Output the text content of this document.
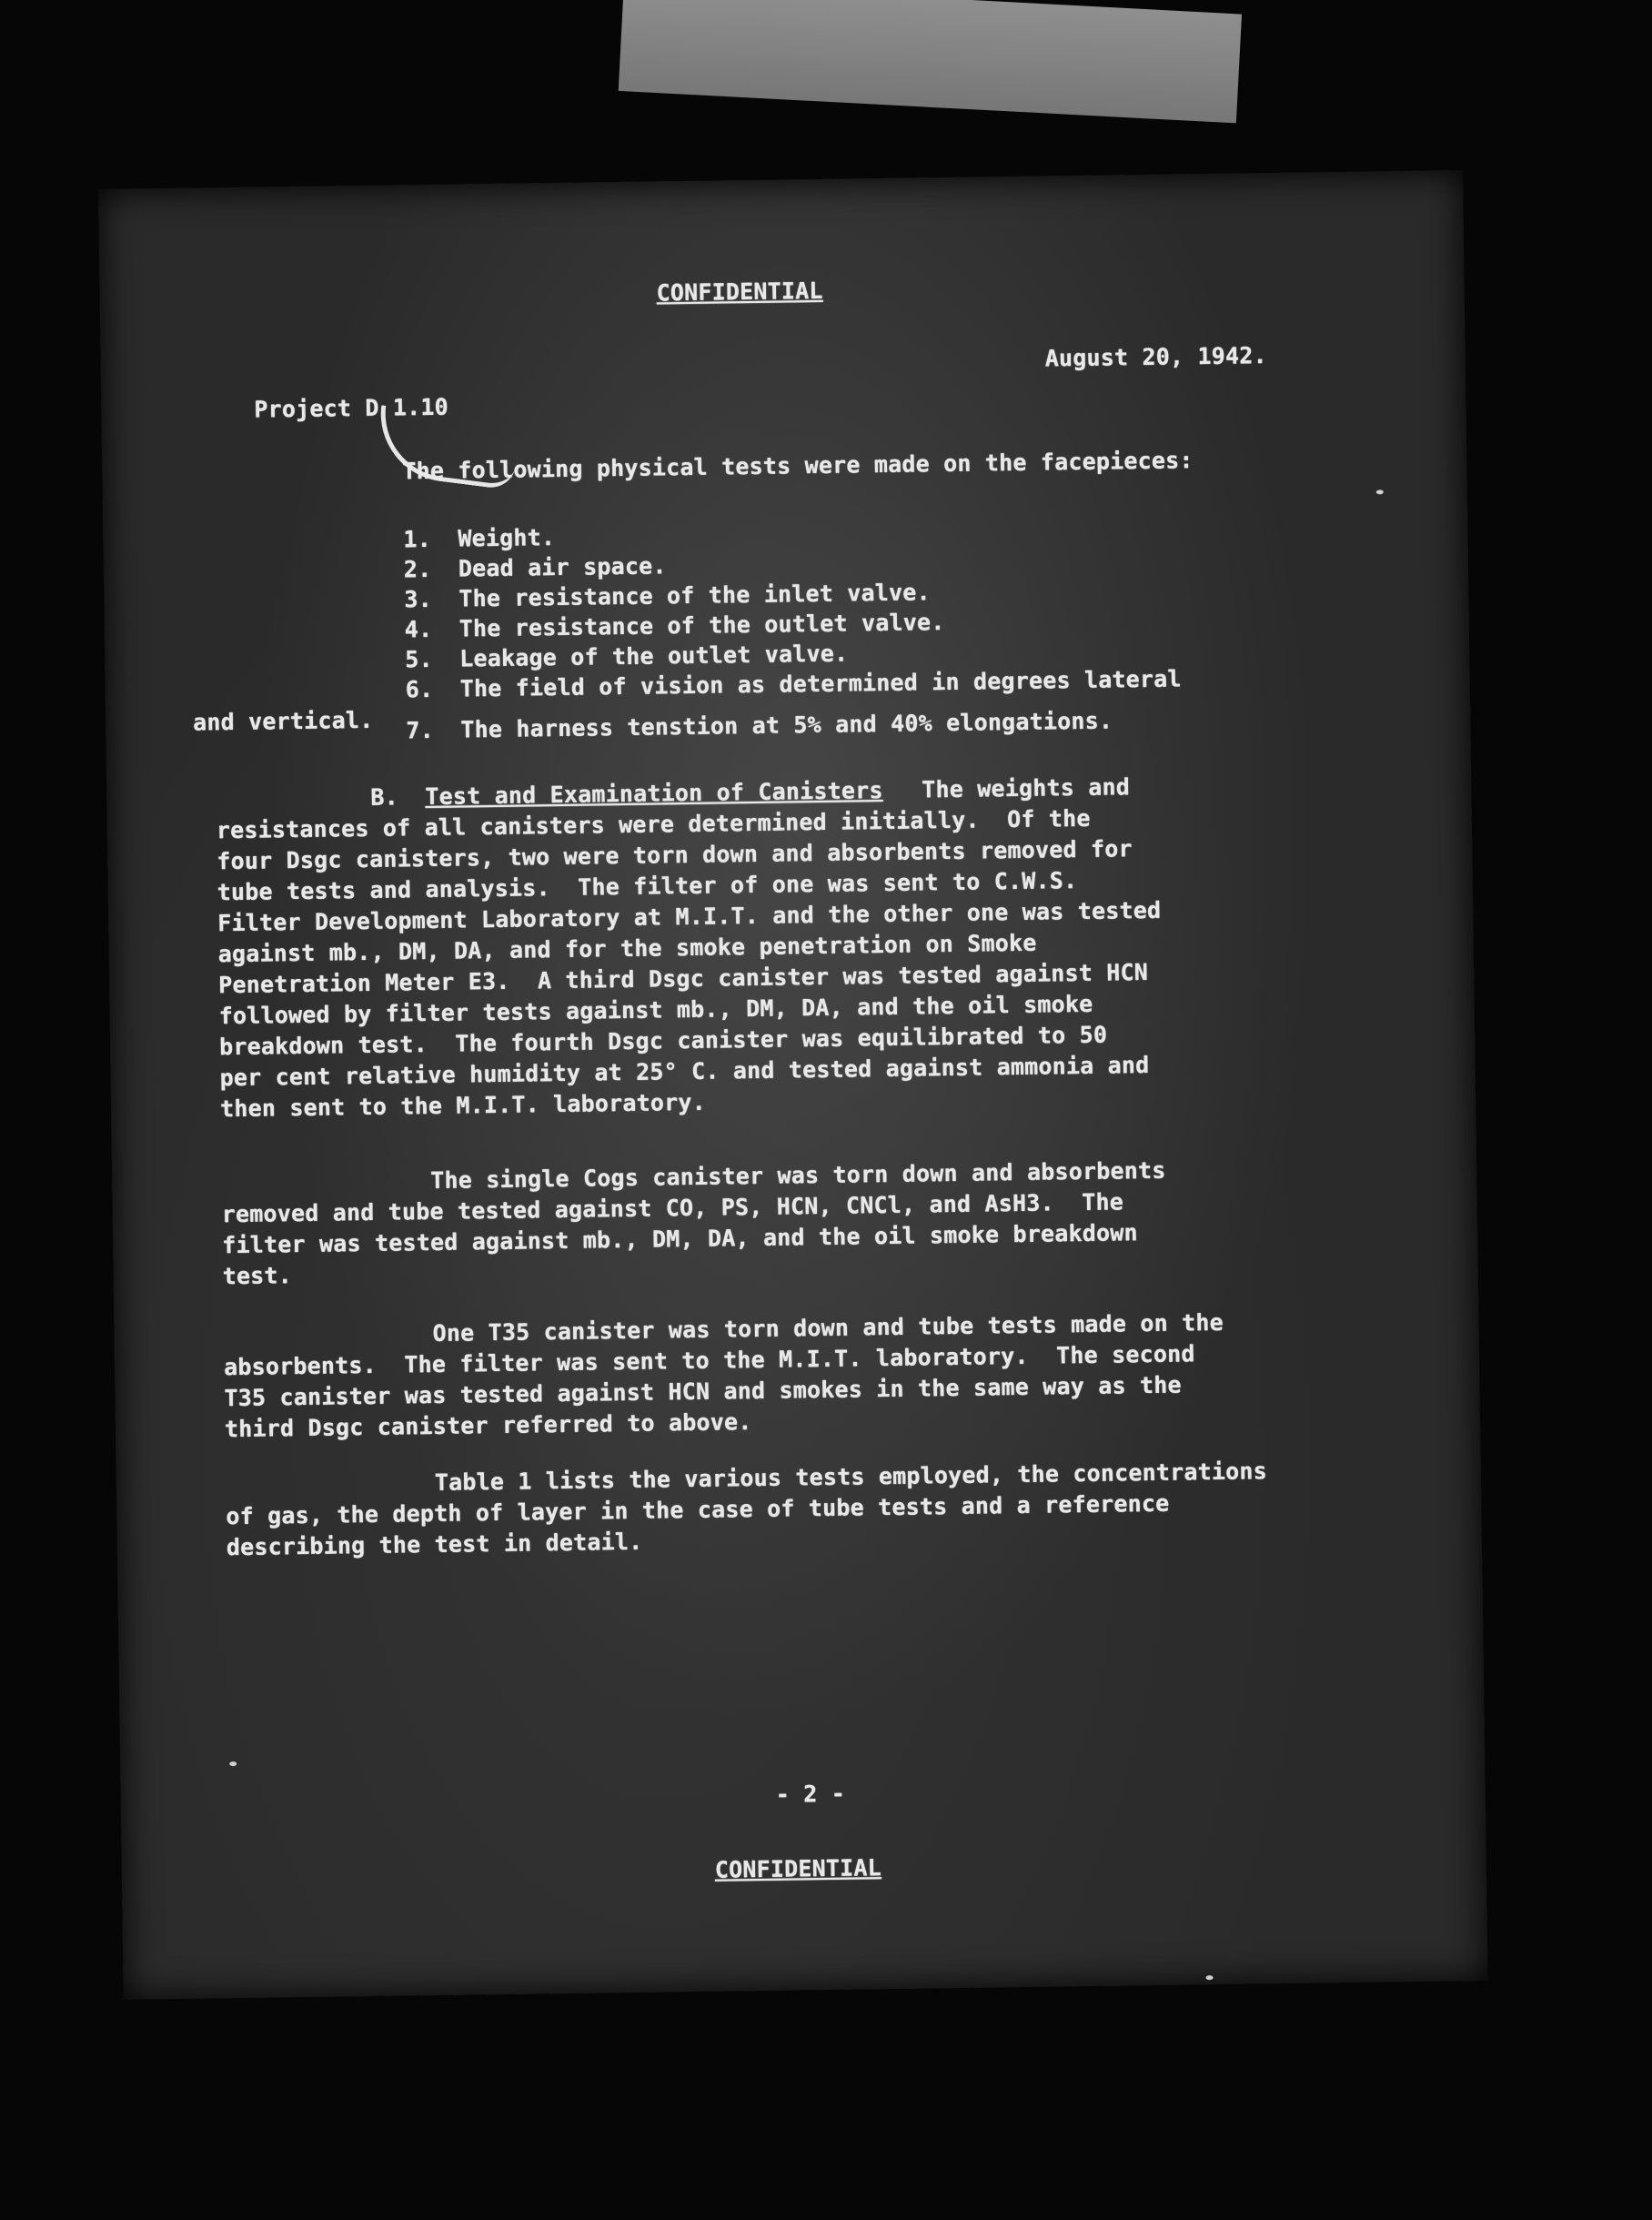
CONFIDENTIAL
Project D 1.10
August 20, 1942.
The following physical tests were made on the facepieces:
1. Weight.
2. Dead air space.
3. The resistance of the inlet valve.
4. The resistance of the outlet valve.
5. Leakage of the outlet valve.
6. The field of vision as determined in degrees lateral
and vertical. 7. The harness tenstion at 5% and 40% elongations.
B. Test and Examination of Canisters The weights and
resistances of all canisters were determined initially.  Of the
four Dsgc canisters, two were torn down and absorbents removed for
tube tests and analysis.  The filter of one was sent to C.W.S.
Filter Development Laboratory at M.I.T. and the other one was tested
against mb., DM, DA, and for the smoke penetration on Smoke
Penetration Meter E3.  A third Dsgc canister was tested against HCN
followed by filter tests against mb., DM, DA, and the oil smoke
breakdown test.  The fourth Dsgc canister was equilibrated to 50
per cent relative humidity at 25° C. and tested against ammonia and
then sent to the M.I.T. laboratory.
The single Cogs canister was torn down and absorbents
removed and tube tested against CO, PS, HCN, CNCl, and AsH3.  The
filter was tested against mb., DM, DA, and the oil smoke breakdown
test.
One T35 canister was torn down and tube tests made on the
absorbents.  The filter was sent to the M.I.T. laboratory.  The second
T35 canister was tested against HCN and smokes in the same way as the
third Dsgc canister referred to above.
Table 1 lists the various tests employed, the concentrations
of gas, the depth of layer in the case of tube tests and a reference
describing the test in detail.
- 2 -
CONFIDENTIAL
